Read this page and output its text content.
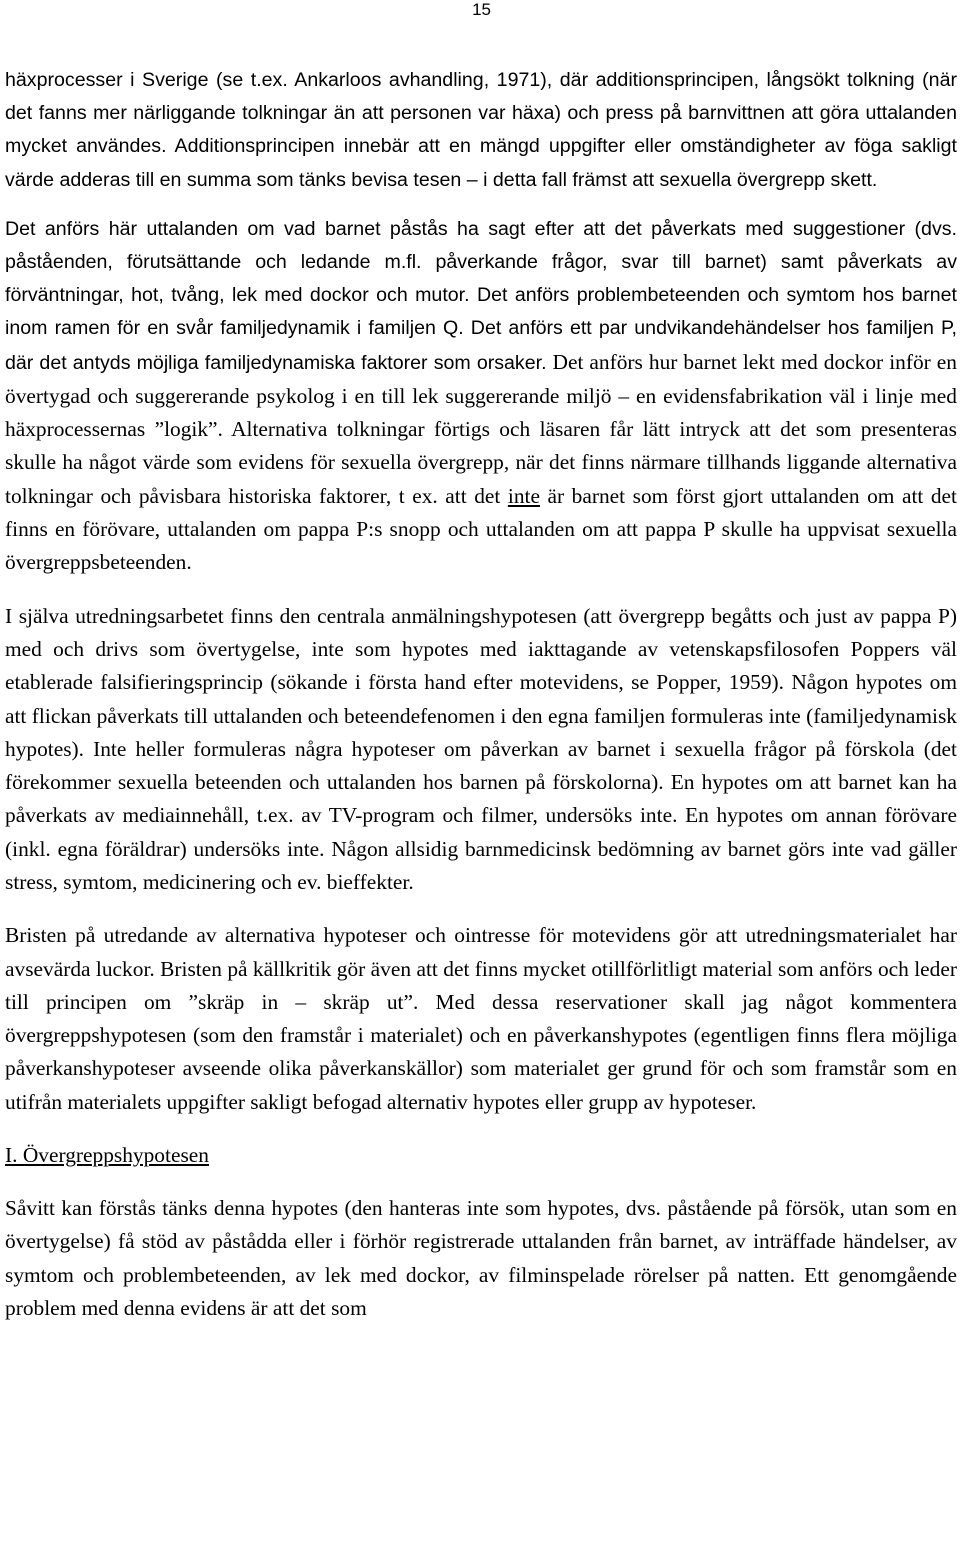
15

häxprocesser i Sverige (se t.ex. Ankarloos avhandling, 1971), där additionsprincipen, långsökt tolkning (när det fanns mer närliggande tolkningar än att personen var häxa) och press på barnvittnen att göra uttalanden mycket användes. Additionsprincipen innebär att en mängd uppgifter eller omständigheter av föga sakligt värde adderas till en summa som tänks bevisa tesen – i detta fall främst att sexuella övergrepp skett.

Det anförs här uttalanden om vad barnet påstås ha sagt efter att det påverkats med suggestioner (dvs. påståenden, förutsättande och ledande m.fl. påverkande frågor, svar till barnet) samt påverkats av förväntningar, hot, tvång, lek med dockor och mutor. Det anförs problembeteenden och symtom hos barnet inom ramen för en svår familjedynamik i familjen Q. Det anförs ett par undvikandehändelser hos familjen P, där det antyds möjliga familjedynamiska faktorer som orsaker. Det anförs hur barnet lekt med dockor inför en övertygad och suggererande psykolog i en till lek suggererande miljö – en evidensfabrikation väl i linje med häxprocessernas ”logik”. Alternativa tolkningar förtigs och läsaren får lätt intryck att det som presenteras skulle ha något värde som evidens för sexuella övergrepp, när det finns närmare tillhands liggande alternativa tolkningar och påvisbara historiska faktorer, t ex. att det inte är barnet som först gjort uttalanden om att det finns en förövare, uttalanden om pappa P:s snopp och uttalanden om att pappa P skulle ha uppvisat sexuella övergreppsbeteenden.

I själva utredningsarbetet finns den centrala anmälningshypotesen (att övergrepp begåtts och just av pappa P) med och drivs som övertygelse, inte som hypotes med iakttagande av vetenskapsfilosofen Poppers väl etablerade falsifieringsprincip (sökande i första hand efter motevidens, se Popper, 1959). Någon hypotes om att flickan påverkats till uttalanden och beteendefenomen i den egna familjen formuleras inte (familjedynamisk hypotes). Inte heller formuleras några hypoteser om påverkan av barnet i sexuella frågor på förskola (det förekommer sexuella beteenden och uttalanden hos barnen på förskolorna). En hypotes om att barnet kan ha påverkats av mediainnehåll, t.ex. av TV-program och filmer, undersöks inte. En hypotes om annan förövare (inkl. egna föräldrar) undersöks inte. Någon allsidig barnmedicinsk bedömning av barnet görs inte vad gäller stress, symtom, medicinering och ev. bieffekter.

Bristen på utredande av alternativa hypoteser och ointresse för motevidens gör att utredningsmaterialet har avsevärda luckor. Bristen på källkritik gör även att det finns mycket otillförlitligt material som anförs och leder till principen om ”skräp in – skräp ut”. Med dessa reservationer skall jag något kommentera övergreppshypotesen (som den framstår i materialet) och en påverkanshypotes (egentligen finns flera möjliga påverkanshypoteser avseende olika påverkanskällor) som materialet ger grund för och som framstår som en utifrån materialets uppgifter sakligt befogad alternativ hypotes eller grupp av hypoteser.

I. Övergreppshypotesen

Såvitt kan förstås tänks denna hypotes (den hanteras inte som hypotes, dvs. påstående på försök, utan som en övertygelse) få stöd av påstådda eller i förhör registrerade uttalanden från barnet, av inträffade händelser, av symtom och problembeteenden, av lek med dockor, av filminspelade rörelser på natten. Ett genomgående problem med denna evidens är att det som
